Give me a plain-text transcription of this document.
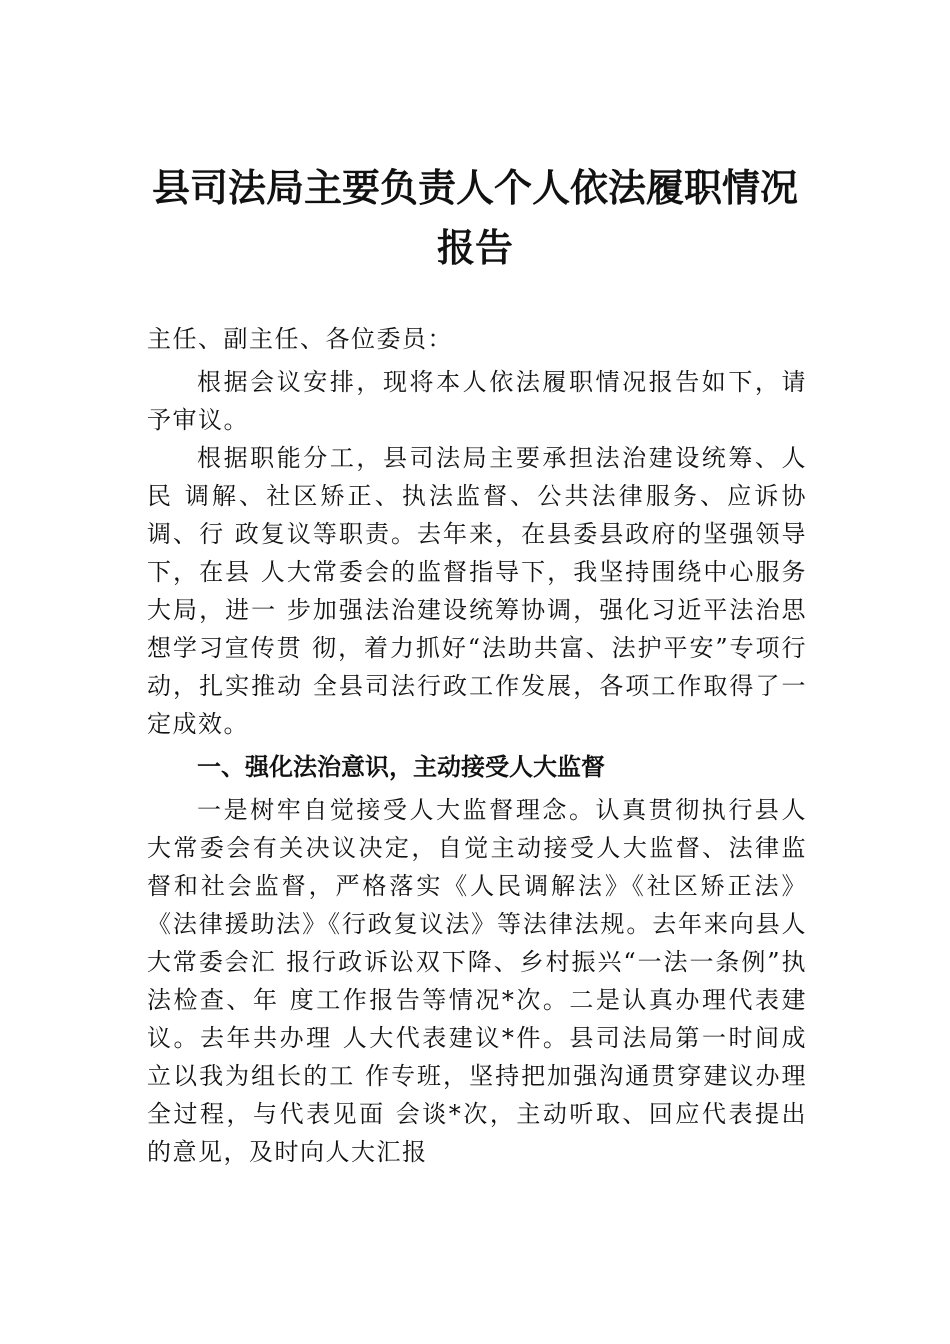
县司法局主要负责人个人依法履职情况报告

主任、副主任、各位委员：

根据会议安排，现将本人依法履职情况报告如下，请予审议。

根据职能分工，县司法局主要承担法治建设统筹、人民 调解、社区矫正、执法监督、公共法律服务、应诉协调、行 政复议等职责。去年来，在县委县政府的坚强领导下，在县 人大常委会的监督指导下，我坚持围绕中心服务大局，进一 步加强法治建设统筹协调，强化习近平法治思想学习宣传贯 彻，着力抓好“法助共富、法护平安”专项行动，扎实推动 全县司法行政工作发展，各项工作取得了一定成效。

一、强化法治意识，主动接受人大监督

一是树牢自觉接受人大监督理念。认真贯彻执行县人大常委会有关决议决定，自觉主动接受人大监督、法律监督和社会监督，严格落实《人民调解法》《社区矫正法》《法律援助法》《行政复议法》等法律法规。去年来向县人大常委会汇 报行政诉讼双下降、乡村振兴“一法一条例”执法检查、年 度工作报告等情况*次。二是认真办理代表建议。去年共办理 人大代表建议*件。县司法局第一时间成立以我为组长的工 作专班，坚持把加强沟通贯穿建议办理全过程，与代表见面 会谈*次，主动听取、回应代表提出的意见，及时向人大汇报
